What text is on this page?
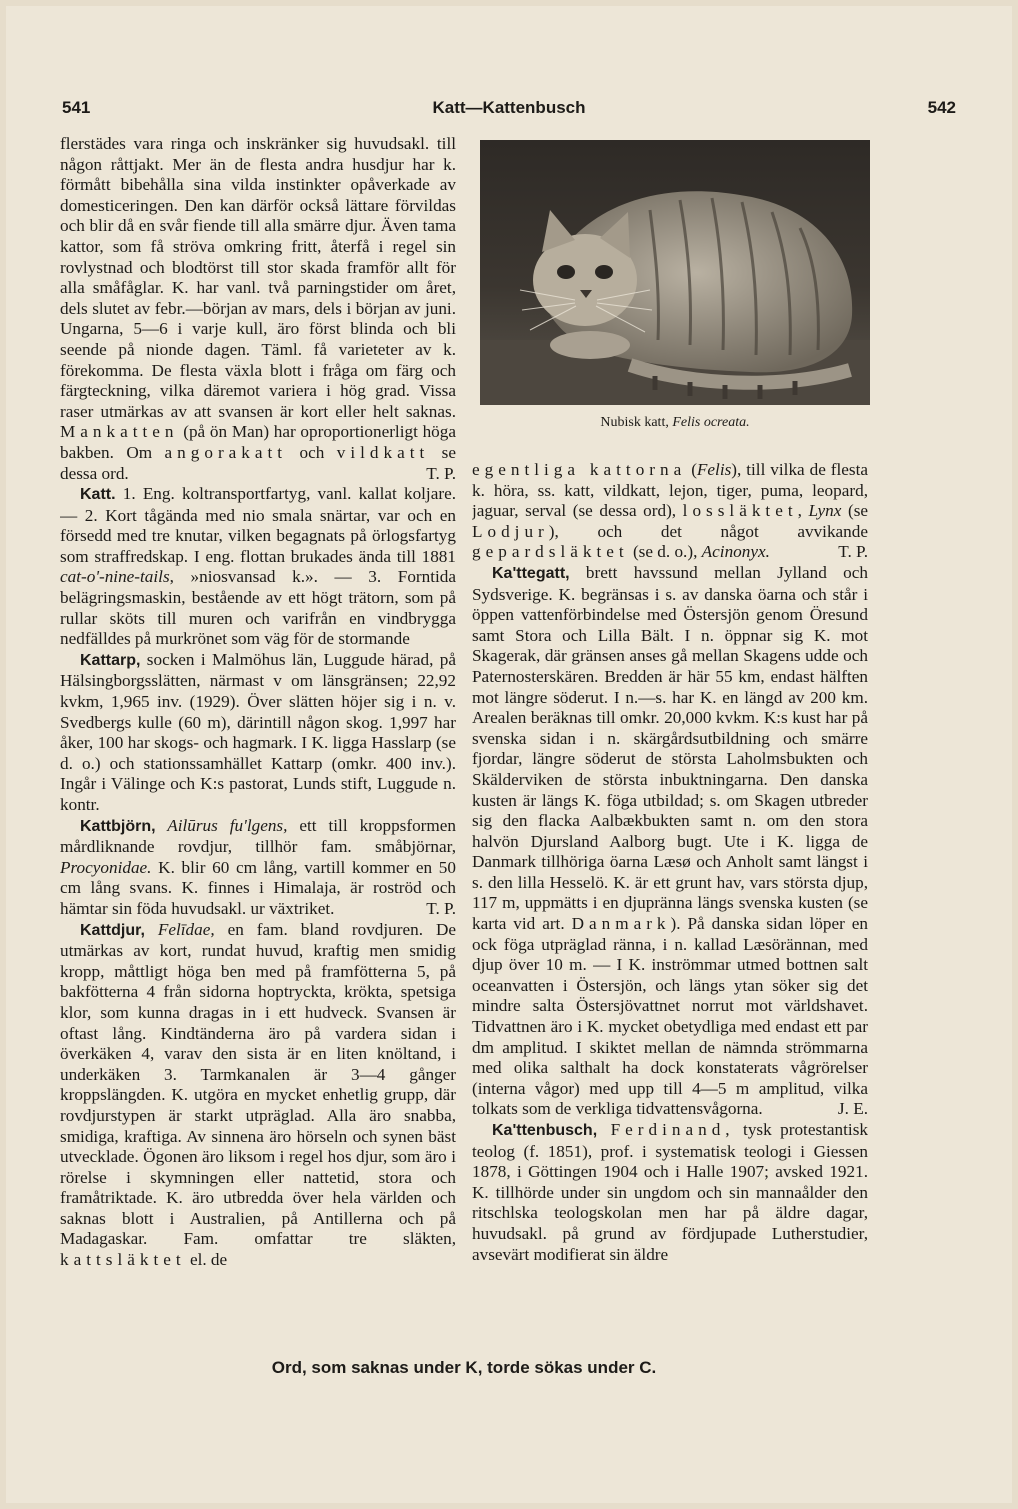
541	Katt—Kattenbusch	542

flerstädes vara ringa och inskränker sig huvudsakl. till någon råttjakt. Mer än de flesta andra husdjur har k. förmått bibehålla sina vilda instinkter opåverkade av domesticeringen. Den kan därför också lättare förvildas och blir då en svår fiende till alla smärre djur. Även tama kattor, som få ströva omkring fritt, återfå i regel sin rovlystnad och blodtörst till stor skada framför allt för alla småfåglar. K. har vanl. två parningstider om året, dels slutet av febr.—början av mars, dels i början av juni. Ungarna, 5—6 i varje kull, äro först blinda och bli seende på nionde dagen. Täml. få varieteter av k. förekomma. De flesta växla blott i fråga om färg och färgteckning, vilka däremot variera i hög grad. Vissa raser utmärkas av att svansen är kort eller helt saknas. Mankatten (på ön Man) har oproportionerligt höga bakben. Om angorakatt och vildkatt se dessa ord.	T. P.

Katt. 1. Eng. koltransportfartyg, vanl. kallat koljare. — 2. Kort tågända med nio smala snärtar, var och en försedd med tre knutar, vilken begagnats på örlogsfartyg som straffredskap. I eng. flottan brukades ända till 1881 cat-o'-nine-tails, »niosvansad k.». — 3. Forntida belägringsmaskin, bestående av ett högt trätorn, som på rullar sköts till muren och varifrån en vindbrygga nedfälldes på murkrönet som väg för de stormande

Kattarp, socken i Malmöhus län, Luggude härad, på Hälsingborgsslätten, närmast v om länsgränsen; 22,92 kvkm, 1,965 inv. (1929). Över slätten höjer sig i n. v. Svedbergs kulle (60 m), därintill någon skog. 1,997 har åker, 100 har skogs- och hagmark. I K. ligga Hasslarp (se d. o.) och stationssamhället Kattarp (omkr. 400 inv.). Ingår i Välinge och K:s pastorat, Lunds stift, Luggude n. kontr.

Kattbjörn, Ailūrus fu'lgens, ett till kroppsformen mårdliknande rovdjur, tillhör fam. småbjörnar, Procyonidae. K. blir 60 cm lång, vartill kommer en 50 cm lång svans. K. finnes i Himalaja, är roströd och hämtar sin föda huvudsakl. ur växtriket.	T. P.

Kattdjur, Felīdae, en fam. bland rovdjuren. De utmärkas av kort, rundat huvud, kraftig men smidig kropp, måttligt höga ben med på framfötterna 5, på bakfötterna 4 från sidorna hoptryckta, krökta, spetsiga klor, som kunna dragas in i ett hudveck. Svansen är oftast lång. Kindtänderna äro på vardera sidan i överkäken 4, varav den sista är en liten knöltand, i underkäken 3. Tarmkanalen är 3—4 gånger kroppslängden. K. utgöra en mycket enhetlig grupp, där rovdjurstypen är starkt utpräglad. Alla äro snabba, smidiga, kraftiga. Av sinnena äro hörseln och synen bäst utvecklade. Ögonen äro liksom i regel hos djur, som äro i rörelse i skymningen eller nattetid, stora och framåtriktade. K. äro utbredda över hela världen och saknas blott i Australien, på Antillerna och på Madagaskar. Fam. omfattar tre släkten, kattsläktet el. de

Nubisk katt, Felis ocreata.

egentliga kattorna (Felis), till vilka de flesta k. höra, ss. katt, vildkatt, lejon, tiger, puma, leopard, jaguar, serval (se dessa ord), lossläktet, Lynx (se Lodjur), och det något avvikande gepardsläktet (se d. o.), Acinonyx.	T. P.

Ka'ttegatt, brett havssund mellan Jylland och Sydsverige. K. begränsas i s. av danska öarna och står i öppen vattenförbindelse med Östersjön genom Öresund samt Stora och Lilla Bält. I n. öppnar sig K. mot Skagerak, där gränsen anses gå mellan Skagens udde och Paternosterskären. Bredden är här 55 km, endast hälften mot längre söderut. I n.—s. har K. en längd av 200 km. Arealen beräknas till omkr. 20,000 kvkm. K:s kust har på svenska sidan i n. skärgårdsutbildning och smärre fjordar, längre söderut de största Laholmsbukten och Skälderviken de största inbuktningarna. Den danska kusten är längs K. föga utbildad; s. om Skagen utbreder sig den flacka Aalbækbukten samt n. om den stora halvön Djursland Aalborg bugt. Ute i K. ligga de Danmark tillhöriga öarna Læsø och Anholt samt längst i s. den lilla Hesselö. K. är ett grunt hav, vars största djup, 117 m, uppmätts i en djupränna längs svenska kusten (se karta vid art. Danmark). På danska sidan löper en ock föga utpräglad ränna, i n. kallad Læsörännan, med djup över 10 m. — I K. inströmmar utmed bottnen salt oceanvatten i Östersjön, och längs ytan söker sig det mindre salta Östersjövattnet norrut mot världshavet. Tidvattnen äro i K. mycket obetydliga med endast ett par dm amplitud. I skiktet mellan de nämnda strömmarna med olika salthalt ha dock konstaterats vågrörelser (interna vågor) med upp till 4—5 m amplitud, vilka tolkats som de verkliga tidvattensvågorna.	J. E.

Ka'ttenbusch, Ferdinand, tysk protestantisk teolog (f. 1851), prof. i systematisk teologi i Giessen 1878, i Göttingen 1904 och i Halle 1907; avsked 1921. K. tillhörde under sin ungdom och sin mannaålder den ritschlska teologskolan men har på äldre dagar, huvudsakl. på grund av fördjupade Lutherstudier, avsevärt modifierat sin äldre

Ord, som saknas under K, torde sökas under C.
